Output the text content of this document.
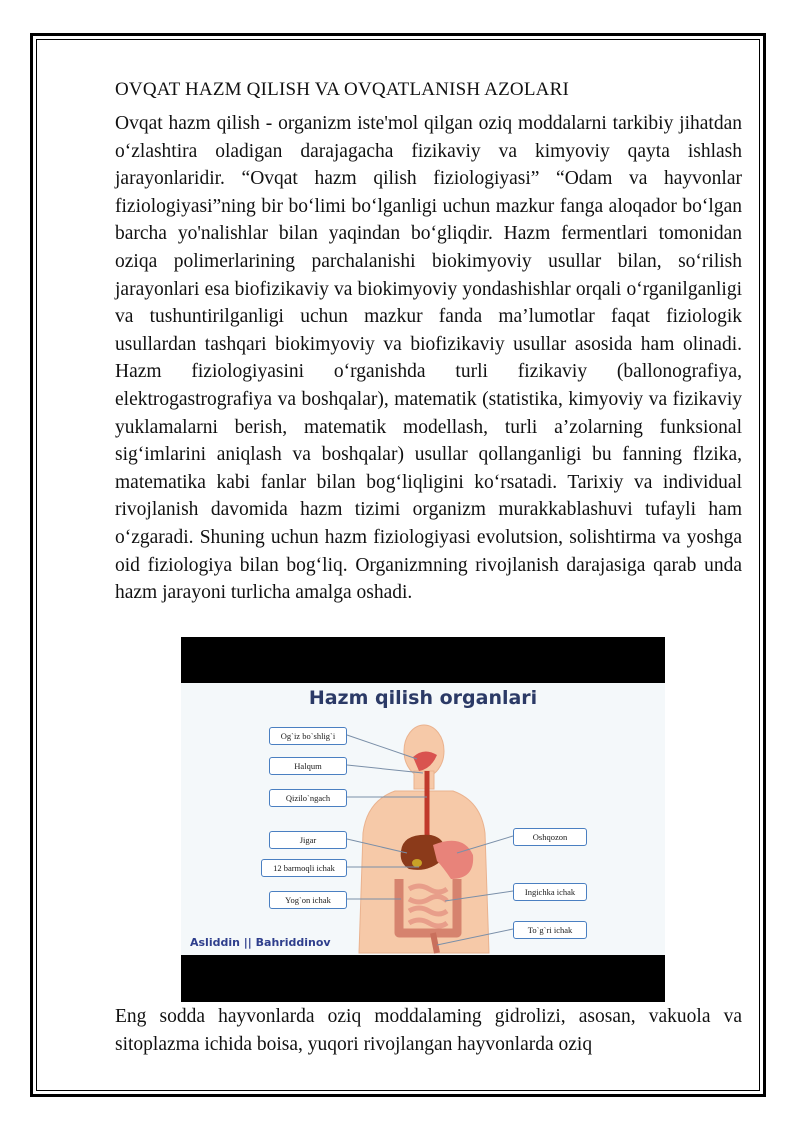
OVQAT HAZM QILISH VA OVQATLANISH AZOLARI

Ovqat hazm qilish - organizm iste'mol qilgan oziq moddalarni tarkibiy jihatdan o‘zlashtira oladigan darajagacha fizikaviy va kimyoviy qayta ishlash jarayonlaridir. “Ovqat hazm qilish fiziologiyasi” “Odam va hayvonlar fiziologiyasi”ning bir bo‘limi bo‘lganligi uchun mazkur fanga aloqador bo‘lgan barcha yo'nalishlar bilan yaqindan bo‘gliqdir. Hazm fermentlari tomonidan oziqa polimerlarining parchalanishi biokimyoviy usullar bilan, so‘rilish jarayonlari esa biofizikaviy va biokimyoviy yondashishlar orqali o‘rganilganligi va tushuntirilganligi uchun mazkur fanda ma’lumotlar faqat fiziologik usullardan tashqari biokimyoviy va biofizikaviy usullar asosida ham olinadi. Hazm fiziologiyasini o‘rganishda turli fizikaviy (ballonografiya, elektrogastrografiya va boshqalar), matematik (statistika, kimyoviy va fizikaviy yuklamalarni berish, matematik modellash, turli a’zolarning funksional sig‘imlarini aniqlash va boshqalar) usullar qollanganligi bu fanning flzika, matematika kabi fanlar bilan bog‘liqligini ko‘rsatadi. Tarixiy va individual rivojlanish davomida hazm tizimi organizm murakkablashuvi tufayli ham o‘zgaradi. Shuning uchun hazm fiziologiyasi evolutsion, solishtirma va yoshga oid fiziologiya bilan bog‘liq. Organizmning rivojlanish darajasiga qarab unda hazm jarayoni turlicha amalga oshadi.

Hazm qilish organlari
Og`iz bo`shlig`i
Halqum
Qizilo`ngach
Jigar
12 barmoqli ichak
Yog`on ichak
Oshqozon
Ingichka ichak
To`g`ri ichak
Asliddin || Bahriddinov

Eng sodda hayvonlarda oziq moddalaming gidrolizi, asosan, vakuola va sitoplazma ichida boisa, yuqori rivojlangan hayvonlarda oziq
